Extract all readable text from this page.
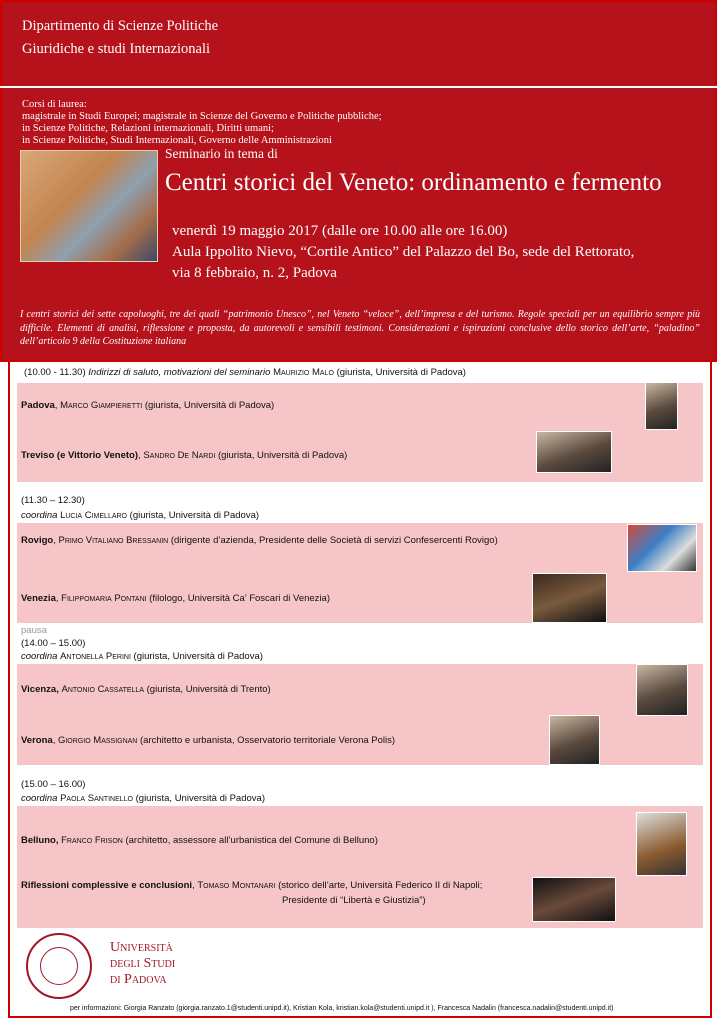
Dipartimento di Scienze Politiche
Giuridiche e studi Internazionali
Corsi di laurea:
magistrale in Studi Europei; magistrale in Scienze del Governo e Politiche pubbliche;
in Scienze Politiche, Relazioni internazionali, Diritti umani;
in Scienze Politiche, Studi Internazionali, Governo delle Amministrazioni
Seminario in tema di
Centri storici del Veneto: ordinamento e fermento
venerdì 19 maggio 2017 (dalle ore 10.00 alle ore 16.00)
Aula Ippolito Nievo, “Cortile Antico” del Palazzo del Bo, sede del Rettorato,
via 8 febbraio, n. 2, Padova
I centri storici dei sette capoluoghi, tre dei quali “patrimonio Unesco”, nel Veneto “veloce”, dell’impresa e del turismo. Regole speciali per un equilibrio sempre più difficile. Elementi di analisi, riflessione e proposta, da autorevoli e sensibili testimoni. Considerazioni e ispirazioni conclusive dello storico dell’arte, “paladino” dell’articolo 9 della Costituzione italiana
(10.00 - 11.30) Indirizzi di saluto, motivazioni del seminario Maurizio Malo (giurista, Università di Padova)
Padova, Marco Giampieretti (giurista, Università di Padova)
Treviso (e Vittorio Veneto), Sandro De Nardi (giurista, Università di Padova)
(11.30 – 12.30)
coordina Lucia Cimellaro (giurista, Università di Padova)
Rovigo, Primo Vitaliano Bressanin (dirigente d’azienda, Presidente delle Società di servizi Confesercenti Rovigo)
Venezia, Filippomaria Pontani (filologo, Università Ca’ Foscari di Venezia)
pausa
(14.00 – 15.00)
coordina Antonella Perini (giurista, Università di Padova)
Vicenza, Antonio Cassatella (giurista, Università di Trento)
Verona, Giorgio Massignan (architetto e urbanista, Osservatorio territoriale Verona Polis)
(15.00 – 16.00)
coordina Paola Santinello (giurista, Università di Padova)
Belluno, Franco Frison (architetto, assessore all’urbanistica del Comune di Belluno)
Riflessioni complessive e conclusioni, Tomaso Montanari (storico dell’arte, Università Federico II di Napoli;
Presidente di “Libertà e Giustizia”)
Università
degli Studi
di Padova
per informazioni: Giorgia Ranzato (giorgia.ranzato.1@studenti.unipd.it), Kristian Kola, kristian.kola@studenti.unipd.it ), Francesca Nadalin (francesca.nadalin@studenti.unipd.it)
